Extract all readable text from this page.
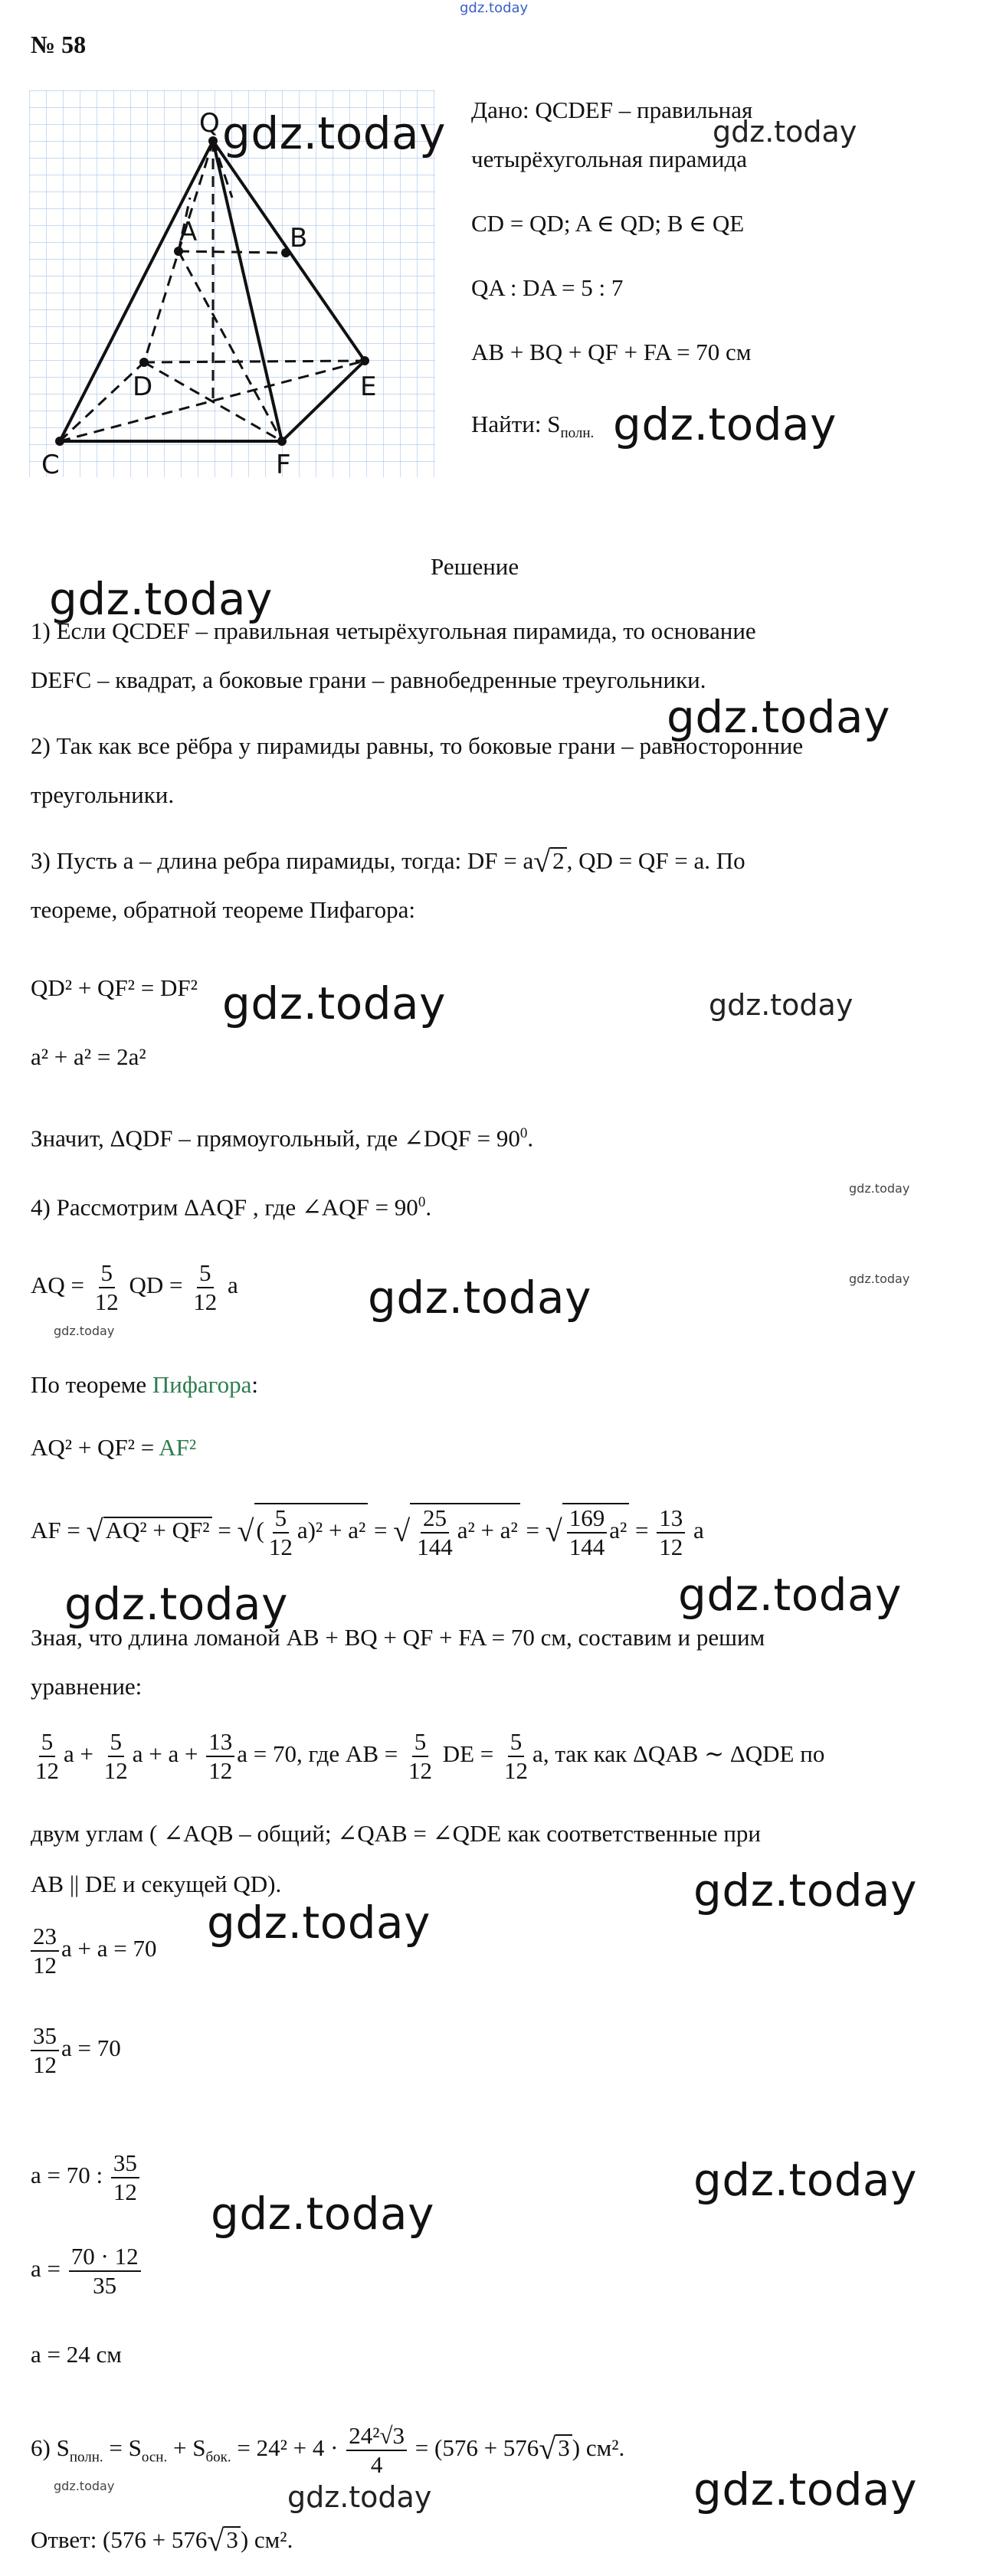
gdz.today
№ 58
Q
A	B
D	E
C	F
Дано: QCDEF – правильная
четырёхугольная пирамида
CD = QD; A ∈ QD; B ∈ QE
QA : DA = 5 : 7
AB + BQ + QF + FA = 70 см
Найти: $S_{полн.}$
Решение
1) Если QCDEF – правильная четырёхугольная пирамида, то основание
DEFC – квадрат, а боковые грани – равнобедренные треугольники.
2) Так как все рёбра у пирамиды равны, то боковые грани – равносторонние
треугольники.
3) Пусть a – длина ребра пирамиды, тогда: DF = a√2, QD = QF = a. По
теореме, обратной теореме Пифагора:
QD² + QF² = DF²
a² + a² = 2a²
Значит, ΔQDF – прямоугольный, где ∠DQF = $90^0$.
4) Рассмотрим ΔAQF , где ∠AQF = $90^0$.
AQ = $\frac{5}{12}$ QD = $\frac{5}{12}$ a
По теореме Пифагора:
AQ² + QF² = AF²
AF = √AQ² + QF² = √( $\frac{5}{12} a)^2 + a^2$ = √ $\frac{25}{144} a^2 + a^2$ = √ $\frac{169}{144} a^2 = \frac{13}{12}$ a
Зная, что длина ломаной AB + BQ + QF + FA = 70 см, составим и решим
уравнение:
$\frac{5}{12}$ $a + \frac{5}{12}$ $a + a + \frac{13}{12}$ a = 70, где AB = $\frac{5}{12}$ DE = $\frac{5}{12} a$, так как ΔQAB ∼ ΔQDE по
двум углам ( ∠AQB – общий; ∠QAB = ∠QDE как соответственные при
AB || DE и секущей QD).
$\frac{23}{12}$ a + a = 70
$\frac{35}{12}$ a = 70
a = 70 : $\frac{35}{12}$
$a = \frac{70 \cdot 12}{35}$
a = 24 см
6) $S_{полн.} = S_{осн.} + S_{бок.} = 24^2 + 4 \cdot \frac{\text{24²√3}}{4} = (576 + 576√3)$ см².
Ответ: (576 + 576√3) см².
gdz.today	gdz.today
gdz.today
gdz.today
gdz.today
gdz.today	gdz.today
gdz.today
gdz.today	gdz.today
gdz.today
gdz.today	gdz.today
gdz.today
gdz.today
gdz.today
gdz.today
gdz.today	gdz.today
gdz.today
